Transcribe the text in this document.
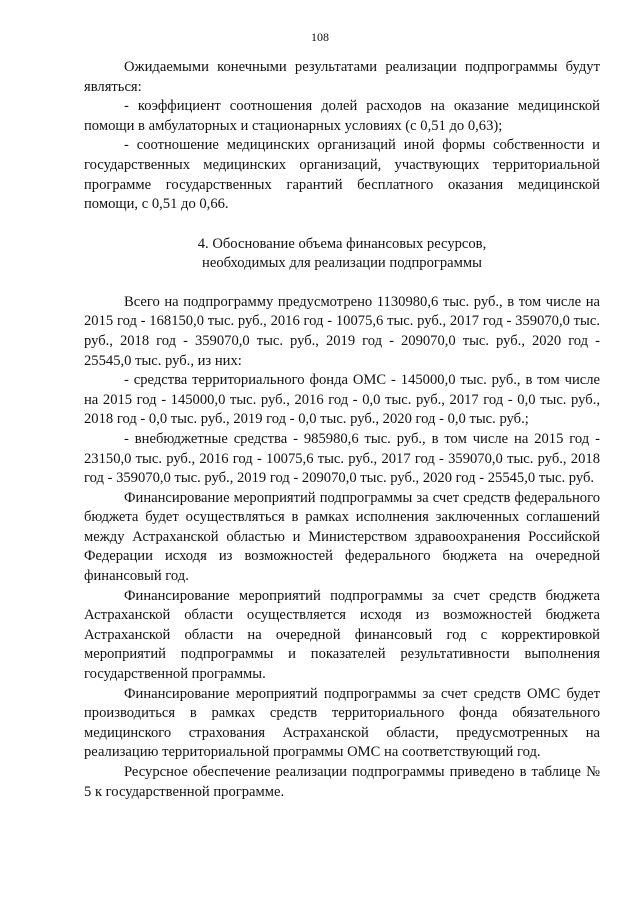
108

Ожидаемыми конечными результатами реализации подпрограммы будут являться:

- коэффициент соотношения долей расходов на оказание медицинской помощи в амбулаторных и стационарных условиях (с 0,51 до 0,63);

- соотношение медицинских организаций иной формы собственности и государственных медицинских организаций, участвующих территориальной программе государственных гарантий бесплатного оказания медицинской помощи, с 0,51 до 0,66.

4. Обоснование объема финансовых ресурсов,
необходимых для реализации подпрограммы

Всего на подпрограмму предусмотрено 1130980,6 тыс. руб., в том числе на 2015 год - 168150,0 тыс. руб., 2016 год - 10075,6 тыс. руб., 2017 год - 359070,0 тыс. руб., 2018 год - 359070,0 тыс. руб., 2019 год - 209070,0 тыс. руб., 2020 год - 25545,0 тыс. руб., из них:

- средства территориального фонда ОМС - 145000,0 тыс. руб., в том числе на 2015 год - 145000,0 тыс. руб., 2016 год - 0,0 тыс. руб., 2017 год - 0,0 тыс. руб., 2018 год - 0,0 тыс. руб., 2019 год - 0,0 тыс. руб., 2020 год - 0,0 тыс. руб.;

- внебюджетные средства - 985980,6 тыс. руб., в том числе на 2015 год - 23150,0 тыс. руб., 2016 год - 10075,6 тыс. руб., 2017 год - 359070,0 тыс. руб., 2018 год - 359070,0 тыс. руб., 2019 год - 209070,0 тыс. руб., 2020 год - 25545,0 тыс. руб.

Финансирование мероприятий подпрограммы за счет средств федерального бюджета будет осуществляться в рамках исполнения заключенных соглашений между Астраханской областью и Министерством здравоохранения Российской Федерации исходя из возможностей федерального бюджета на очередной финансовый год.

Финансирование мероприятий подпрограммы за счет средств бюджета Астраханской области осуществляется исходя из возможностей бюджета Астраханской области на очередной финансовый год с корректировкой мероприятий подпрограммы и показателей результативности выполнения государственной программы.

Финансирование мероприятий подпрограммы за счет средств ОМС будет производиться в рамках средств территориального фонда обязательного медицинского страхования Астраханской области, предусмотренных на реализацию территориальной программы ОМС на соответствующий год.

Ресурсное обеспечение реализации подпрограммы приведено в таблице № 5 к государственной программе.
